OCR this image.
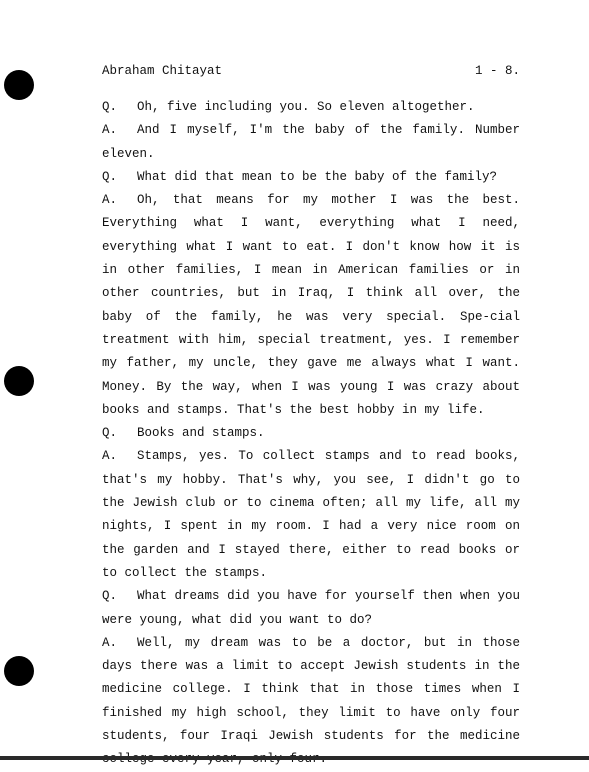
Abraham Chitayat	1 - 8.

Q. Oh, five including you. So eleven altogether.

A. And I myself, I'm the baby of the family. Number eleven.

Q. What did that mean to be the baby of the family?

A. Oh, that means for my mother I was the best. Everything what I want, everything what I need, everything what I want to eat. I don't know how it is in other families, I mean in American families or in other countries, but in Iraq, I think all over, the baby of the family, he was very special. Spe-cial treatment with him, special treatment, yes. I remember my father, my uncle, they gave me always what I want. Money. By the way, when I was young I was crazy about books and stamps. That's the best hobby in my life.

Q. Books and stamps.

A. Stamps, yes. To collect stamps and to read books, that's my hobby. That's why, you see, I didn't go to the Jewish club or to cinema often; all my life, all my nights, I spent in my room. I had a very nice room on the garden and I stayed there, either to read books or to collect the stamps.

Q. What dreams did you have for yourself then when you were young, what did you want to do?

A. Well, my dream was to be a doctor, but in those days there was a limit to accept Jewish students in the medicine college. I think that in those times when I finished my high school, they limit to have only four students, four Iraqi Jewish students for the medicine
